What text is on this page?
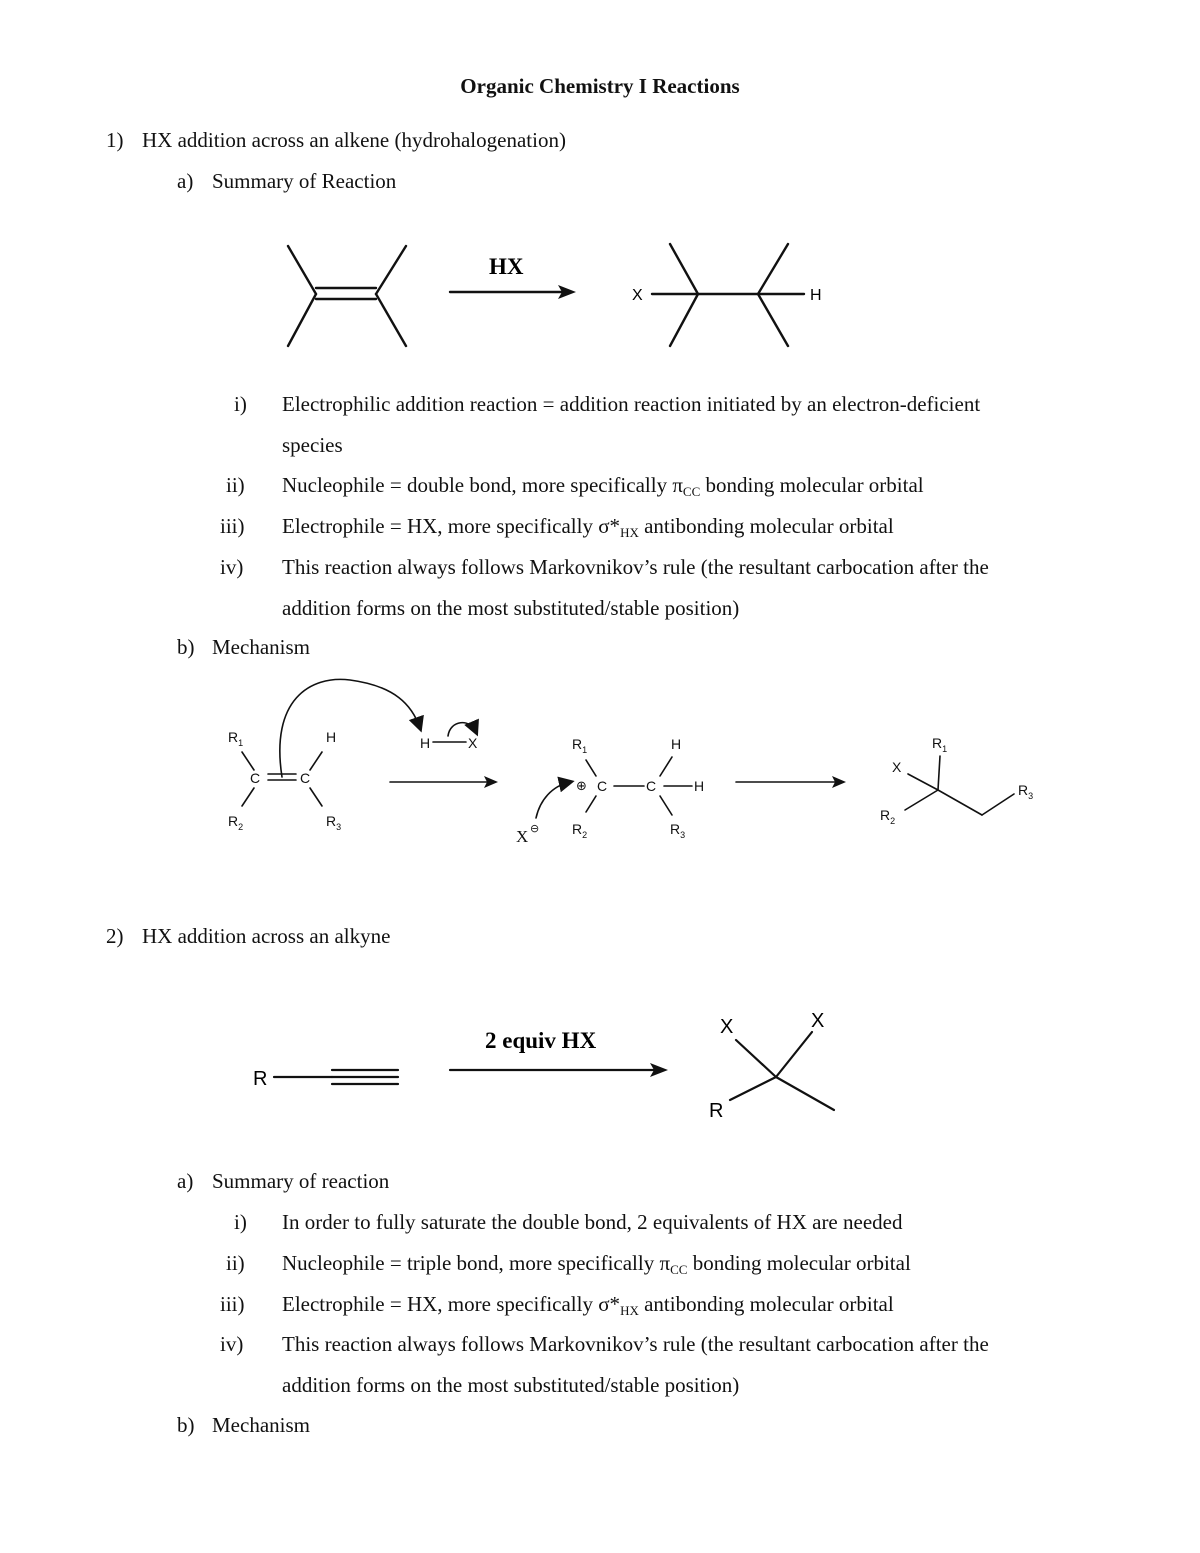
Organic Chemistry I Reactions
1) HX addition across an alkene (hydrohalogenation)
a) Summary of Reaction
HX
X	H
i) Electrophilic addition reaction = addition reaction initiated by an electron-deficient
species
ii) Nucleophile = double bond, more specifically $\pi_{CC}$ bonding molecular orbital
iii) Electrophile = HX, more specifically $\sigma*_{HX}$ antibonding molecular orbital
iv) This reaction always follows Markovnikov’s rule (the resultant carbocation after the
addition forms on the most substituted/stable position)
b) Mechanism
$R_1$	H
C	C
$R_2$	$R_3$
H	X	$R_1$	H
⊕ C	C	H
$R_2$	$R_3$
X ⊖
$R_1$
X
$R_2$
$R_3$
2) HX addition across an alkyne
2 equiv HX
R
X	X
R
a) Summary of reaction
i) In order to fully saturate the double bond, 2 equivalents of HX are needed
ii) Nucleophile = triple bond, more specifically $\pi_{CC}$ bonding molecular orbital
iii) Electrophile = HX, more specifically $\sigma*_{HX}$ antibonding molecular orbital
iv) This reaction always follows Markovnikov’s rule (the resultant carbocation after the
addition forms on the most substituted/stable position)
b) Mechanism
